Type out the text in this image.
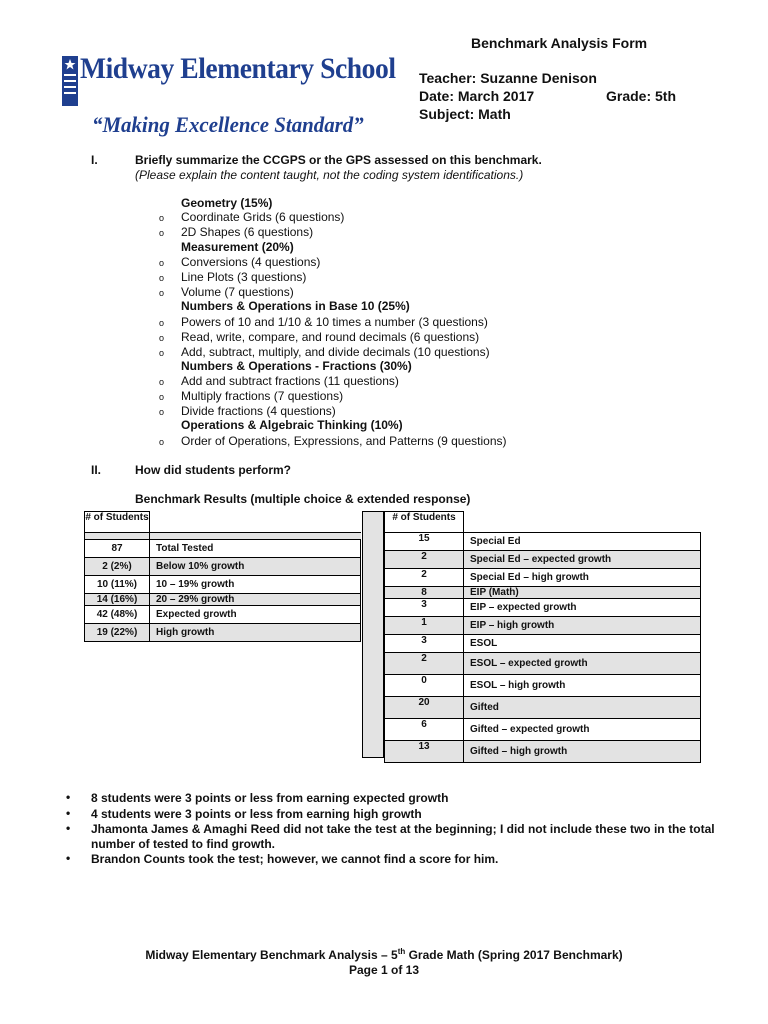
Benchmark Analysis Form
Midway Elementary School
“Making Excellence Standard”
Teacher: Suzanne Denison
Date: March 2017	Grade: 5th
Subject: Math
I.	Briefly summarize the CCGPS or the GPS assessed on this benchmark.
(Please explain the content taught, not the coding system identifications.)
Geometry (15%)
o Coordinate Grids (6 questions)
o 2D Shapes (6 questions)
Measurement (20%)
o Conversions (4 questions)
o Line Plots (3 questions)
o Volume (7 questions)
Numbers & Operations in Base 10 (25%)
o Powers of 10 and 1/10 & 10 times a number (3 questions)
o Read, write, compare, and round decimals (6 questions)
o Add, subtract, multiply, and divide decimals (10 questions)
Numbers & Operations - Fractions (30%)
o Add and subtract fractions (11 questions)
o Multiply fractions (7 questions)
o Divide fractions (4 questions)
Operations & Algebraic Thinking (10%)
o Order of Operations, Expressions, and Patterns (9 questions)
II.	How did students perform?
Benchmark Results (multiple choice & extended response)
# of Students	

87	Total Tested
2 (2%)	Below 10% growth
10 (11%)	10 – 19% growth
14 (16%)	20 – 29% growth
42 (48%)	Expected growth
19 (22%)	High growth
# of Students	
15	Special Ed
2	Special Ed – expected growth
2	Special Ed – high growth
8	EIP (Math)
3	EIP – expected growth
1	EIP – high growth
3	ESOL
2	ESOL – expected growth
0	ESOL – high growth
20	Gifted
6	Gifted – expected growth
13	Gifted – high growth
• 8 students were 3 points or less from earning expected growth
• 4 students were 3 points or less from earning high growth
• Jhamonta James & Amaghi Reed did not take the test at the beginning; I did not include these two in the total number of tested to find growth.
• Brandon Counts took the test; however, we cannot find a score for him.
Midway Elementary Benchmark Analysis – 5th Grade Math (Spring 2017 Benchmark)
Page 1 of 13
